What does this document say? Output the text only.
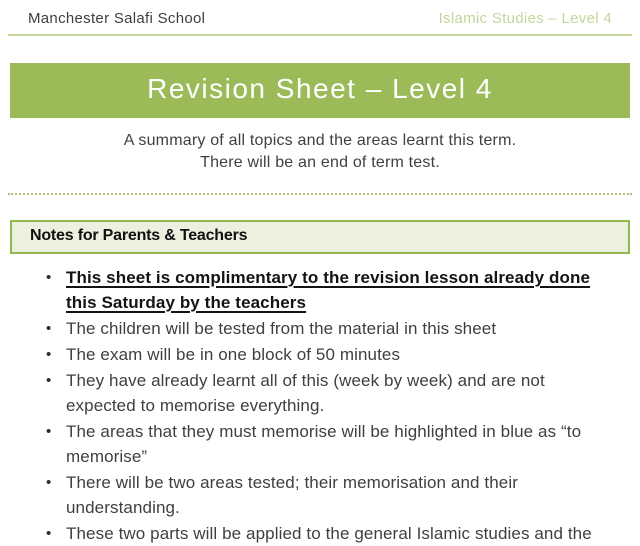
Manchester Salafi School	Islamic Studies – Level 4
Revision Sheet – Level 4
A summary of all topics and the areas learnt this term.
There will be an end of term test.
Notes for Parents & Teachers
• This sheet is complimentary to the revision lesson already done this Saturday by the teachers
• The children will be tested from the material in this sheet
• The exam will be in one block of 50 minutes
• They have already learnt all of this (week by week) and are not expected to memorise everything.
• The areas that they must memorise will be highlighted in blue as “to memorise”
• There will be two areas tested; their memorisation and their understanding.
• These two parts will be applied to the general Islamic studies and the
